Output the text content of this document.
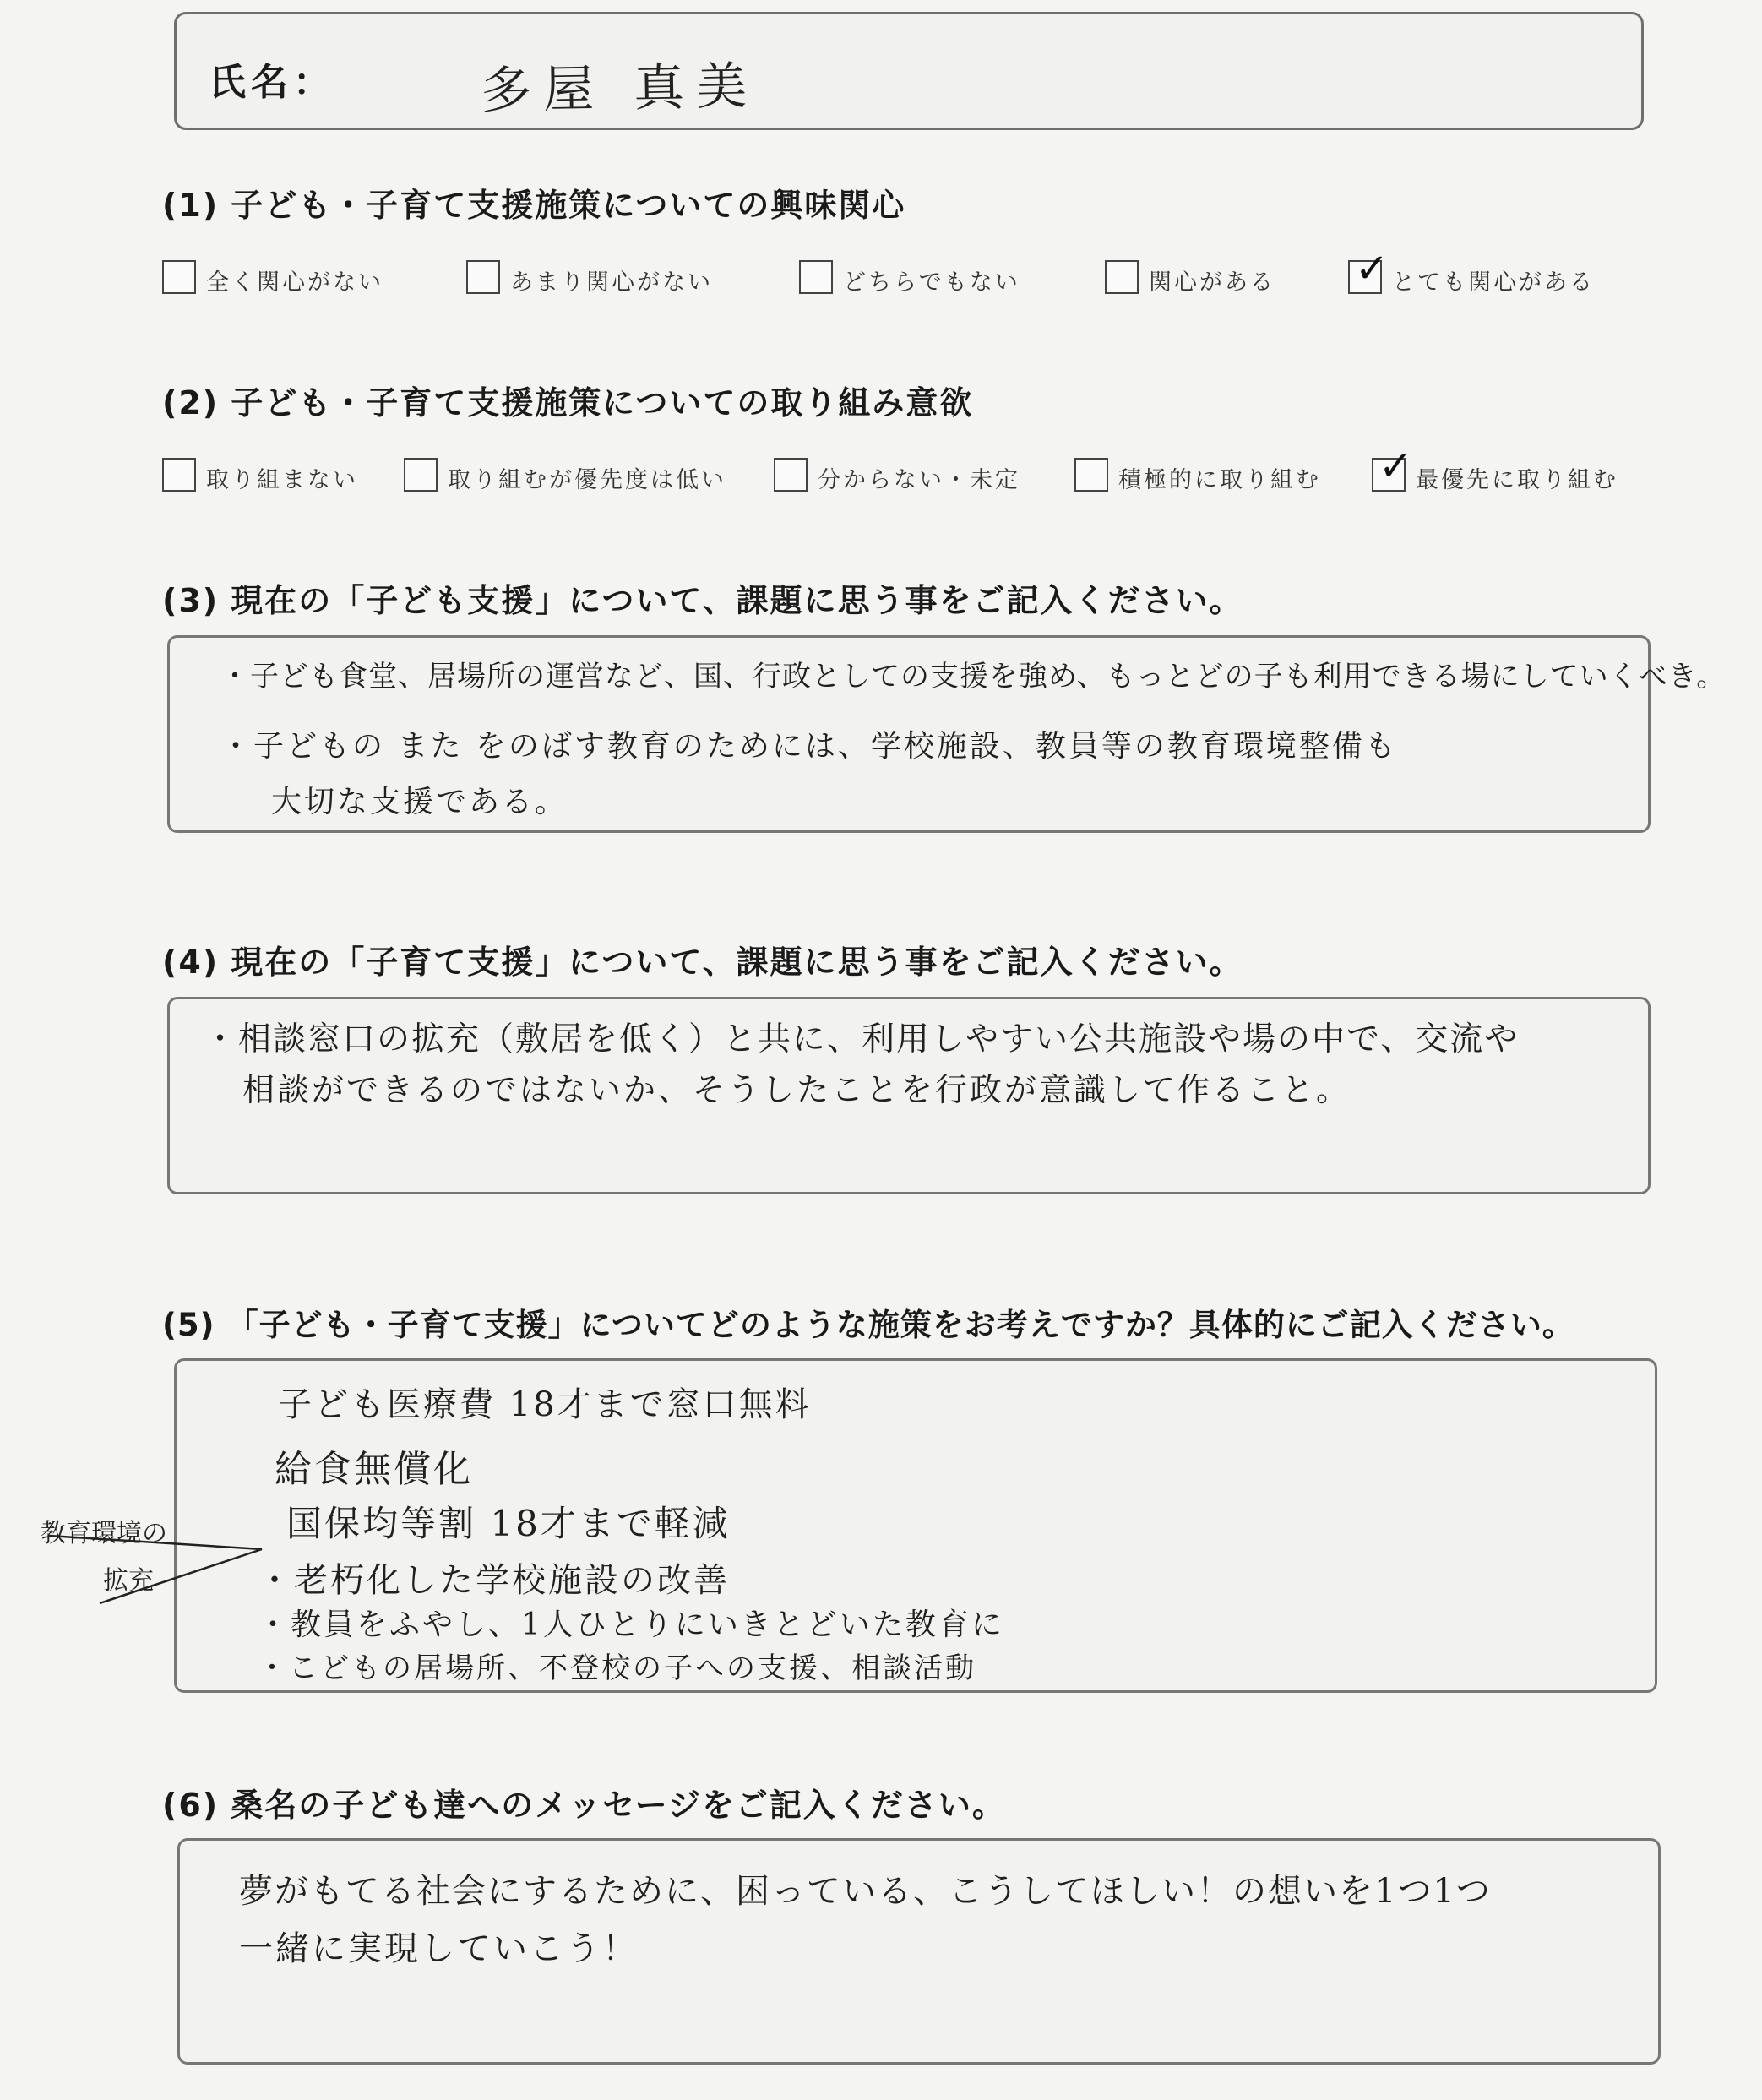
氏名：	多屋 真美
(1) 子ども・子育て支援施策についての興味関心
全く関心がない	あまり関心がない	どちらでもない	関心がある ✓ とても関心がある
(2) 子ども・子育て支援施策についての取り組み意欲
取り組まない	取り組むが優先度は低い	分からない・未定	積極的に取り組む ✓ 最優先に取り組む
(3) 現在の「子ども支援」について、課題に思う事をご記入ください。
・子ども食堂、居場所の運営など、国、行政としての支援を強め、もっとどの子も利用できる場にしていくべき。
・子どもの また をのばす教育のためには、学校施設、教員等の教育環境整備も
大切な支援である。
(4) 現在の「子育て支援」について、課題に思う事をご記入ください。
・相談窓口の拡充（敷居を低く）と共に、利用しやすい公共施設や場の中で、交流や
相談ができるのではないか、そうしたことを行政が意識して作ること。
(5) 「子ども・子育て支援」についてどのような施策をお考えですか？具体的にご記入ください。
子ども医療費 18才まで窓口無料
給食無償化
国保均等割 18才まで軽減
・老朽化した学校施設の改善
・教員をふやし、1人ひとりにいきとどいた教育に
・こどもの居場所、不登校の子への支援、相談活動
教育環境の
拡充
(6) 桑名の子ども達へのメッセージをご記入ください。
夢がもてる社会にするために、困っている、こうしてほしい！の想いを1つ1つ
一緒に実現していこう！
